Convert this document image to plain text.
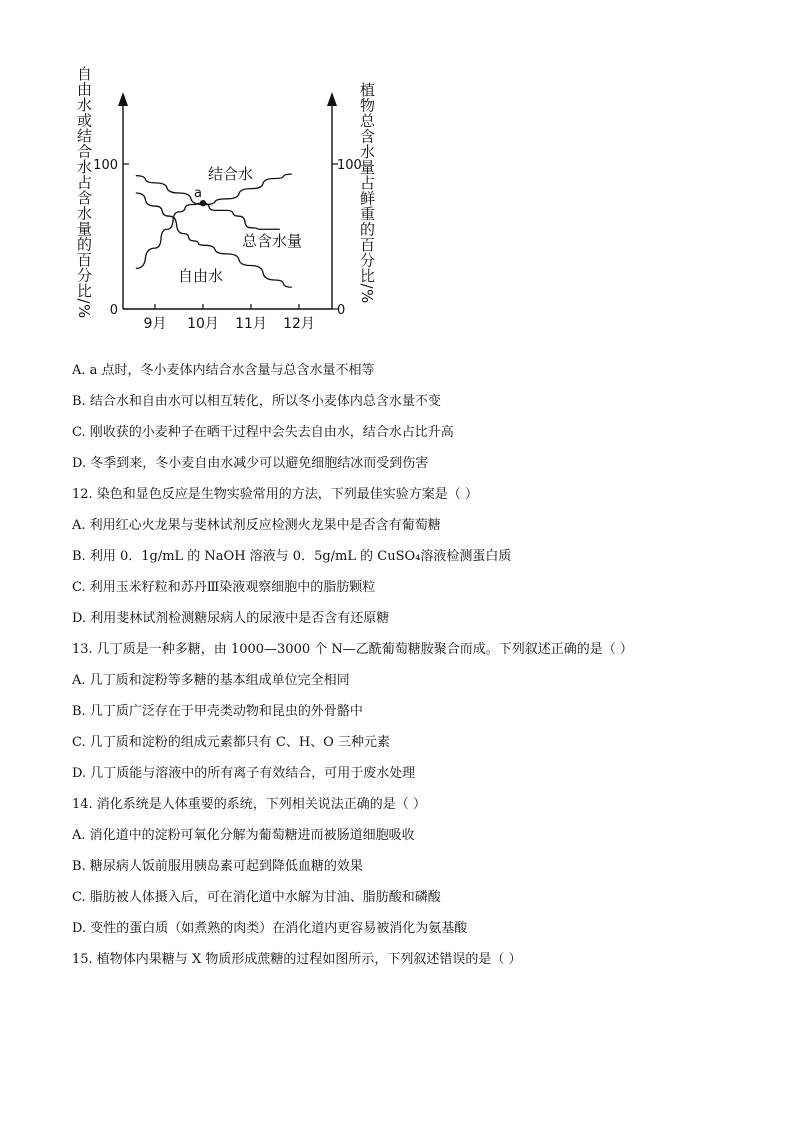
自由水或结合水占含水量的百分比/%	植物总含水量占鲜重的百分比/%
0	0
100	100
9月 10月 11月 12月
结合水
总含水量
自由水
a
A. a 点时，冬小麦体内结合水含量与总含水量不相等
B. 结合水和自由水可以相互转化，所以冬小麦体内总含水量不变
C. 刚收获的小麦种子在晒干过程中会失去自由水，结合水占比升高
D. 冬季到来，冬小麦自由水减少可以避免细胞结冰而受到伤害
12. 染色和显色反应是生物实验常用的方法，下列最佳实验方案是（ ）
A. 利用红心火龙果与斐林试剂反应检测火龙果中是否含有葡萄糖
B. 利用 0．1g/mL 的 NaOH 溶液与 0．5g/mL 的 CuSO₄溶液检测蛋白质
C. 利用玉米籽粒和苏丹Ⅲ染液观察细胞中的脂肪颗粒
D. 利用斐林试剂检测糖尿病人的尿液中是否含有还原糖
13. 几丁质是一种多糖，由 1000—3000 个 N—乙酰葡萄糖胺聚合而成。下列叙述正确的是（ ）
A. 几丁质和淀粉等多糖的基本组成单位完全相同
B. 几丁质广泛存在于甲壳类动物和昆虫的外骨骼中
C. 几丁质和淀粉的组成元素都只有 C、H、O 三种元素
D. 几丁质能与溶液中的所有离子有效结合，可用于废水处理
14. 消化系统是人体重要的系统，下列相关说法正确的是（ ）
A. 消化道中的淀粉可氧化分解为葡萄糖进而被肠道细胞吸收
B. 糖尿病人饭前服用胰岛素可起到降低血糖的效果
C. 脂肪被人体摄入后，可在消化道中水解为甘油、脂肪酸和磷酸
D. 变性的蛋白质（如煮熟的肉类）在消化道内更容易被消化为氨基酸
15. 植物体内果糖与 X 物质形成蔗糖的过程如图所示，下列叙述错误的是（ ）
